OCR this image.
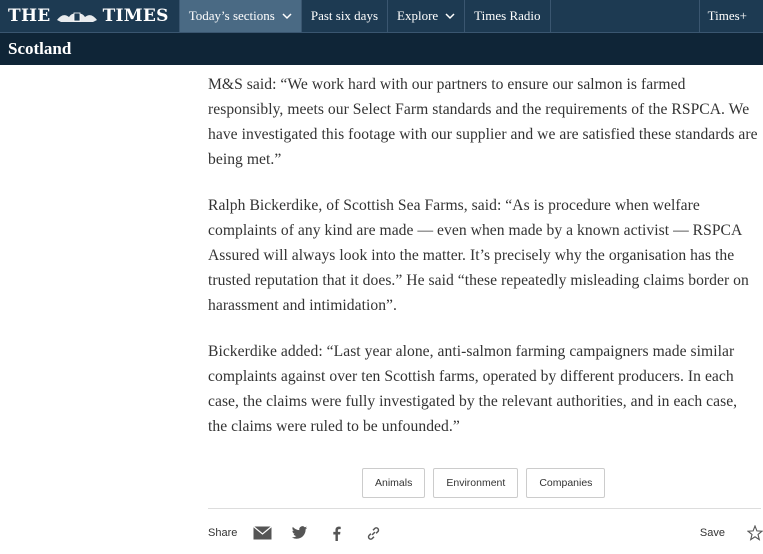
THE	TIMES Today’s sections	Past six days Explore	Times Radio	Times+
Scotland

M&S said: “We work hard with our partners to ensure our salmon is farmed responsibly, meets our Select Farm standards and the requirements of the RSPCA. We have investigated this footage with our supplier and we are satisfied these standards are being met.”

Ralph Bickerdike, of Scottish Sea Farms, said: “As is procedure when welfare complaints of any kind are made — even when made by a known activist — RSPCA Assured will always look into the matter. It’s precisely why the organisation has the trusted reputation that it does.” He said “these repeatedly misleading claims border on harassment and intimidation”.

Bickerdike added: “Last year alone, anti-salmon farming campaigners made similar complaints against over ten Scottish farms, operated by different producers. In each case, the claims were fully investigated by the relevant authorities, and in each case, the claims were ruled to be unfounded.”

Animals	Environment	Companies
Share	Save
